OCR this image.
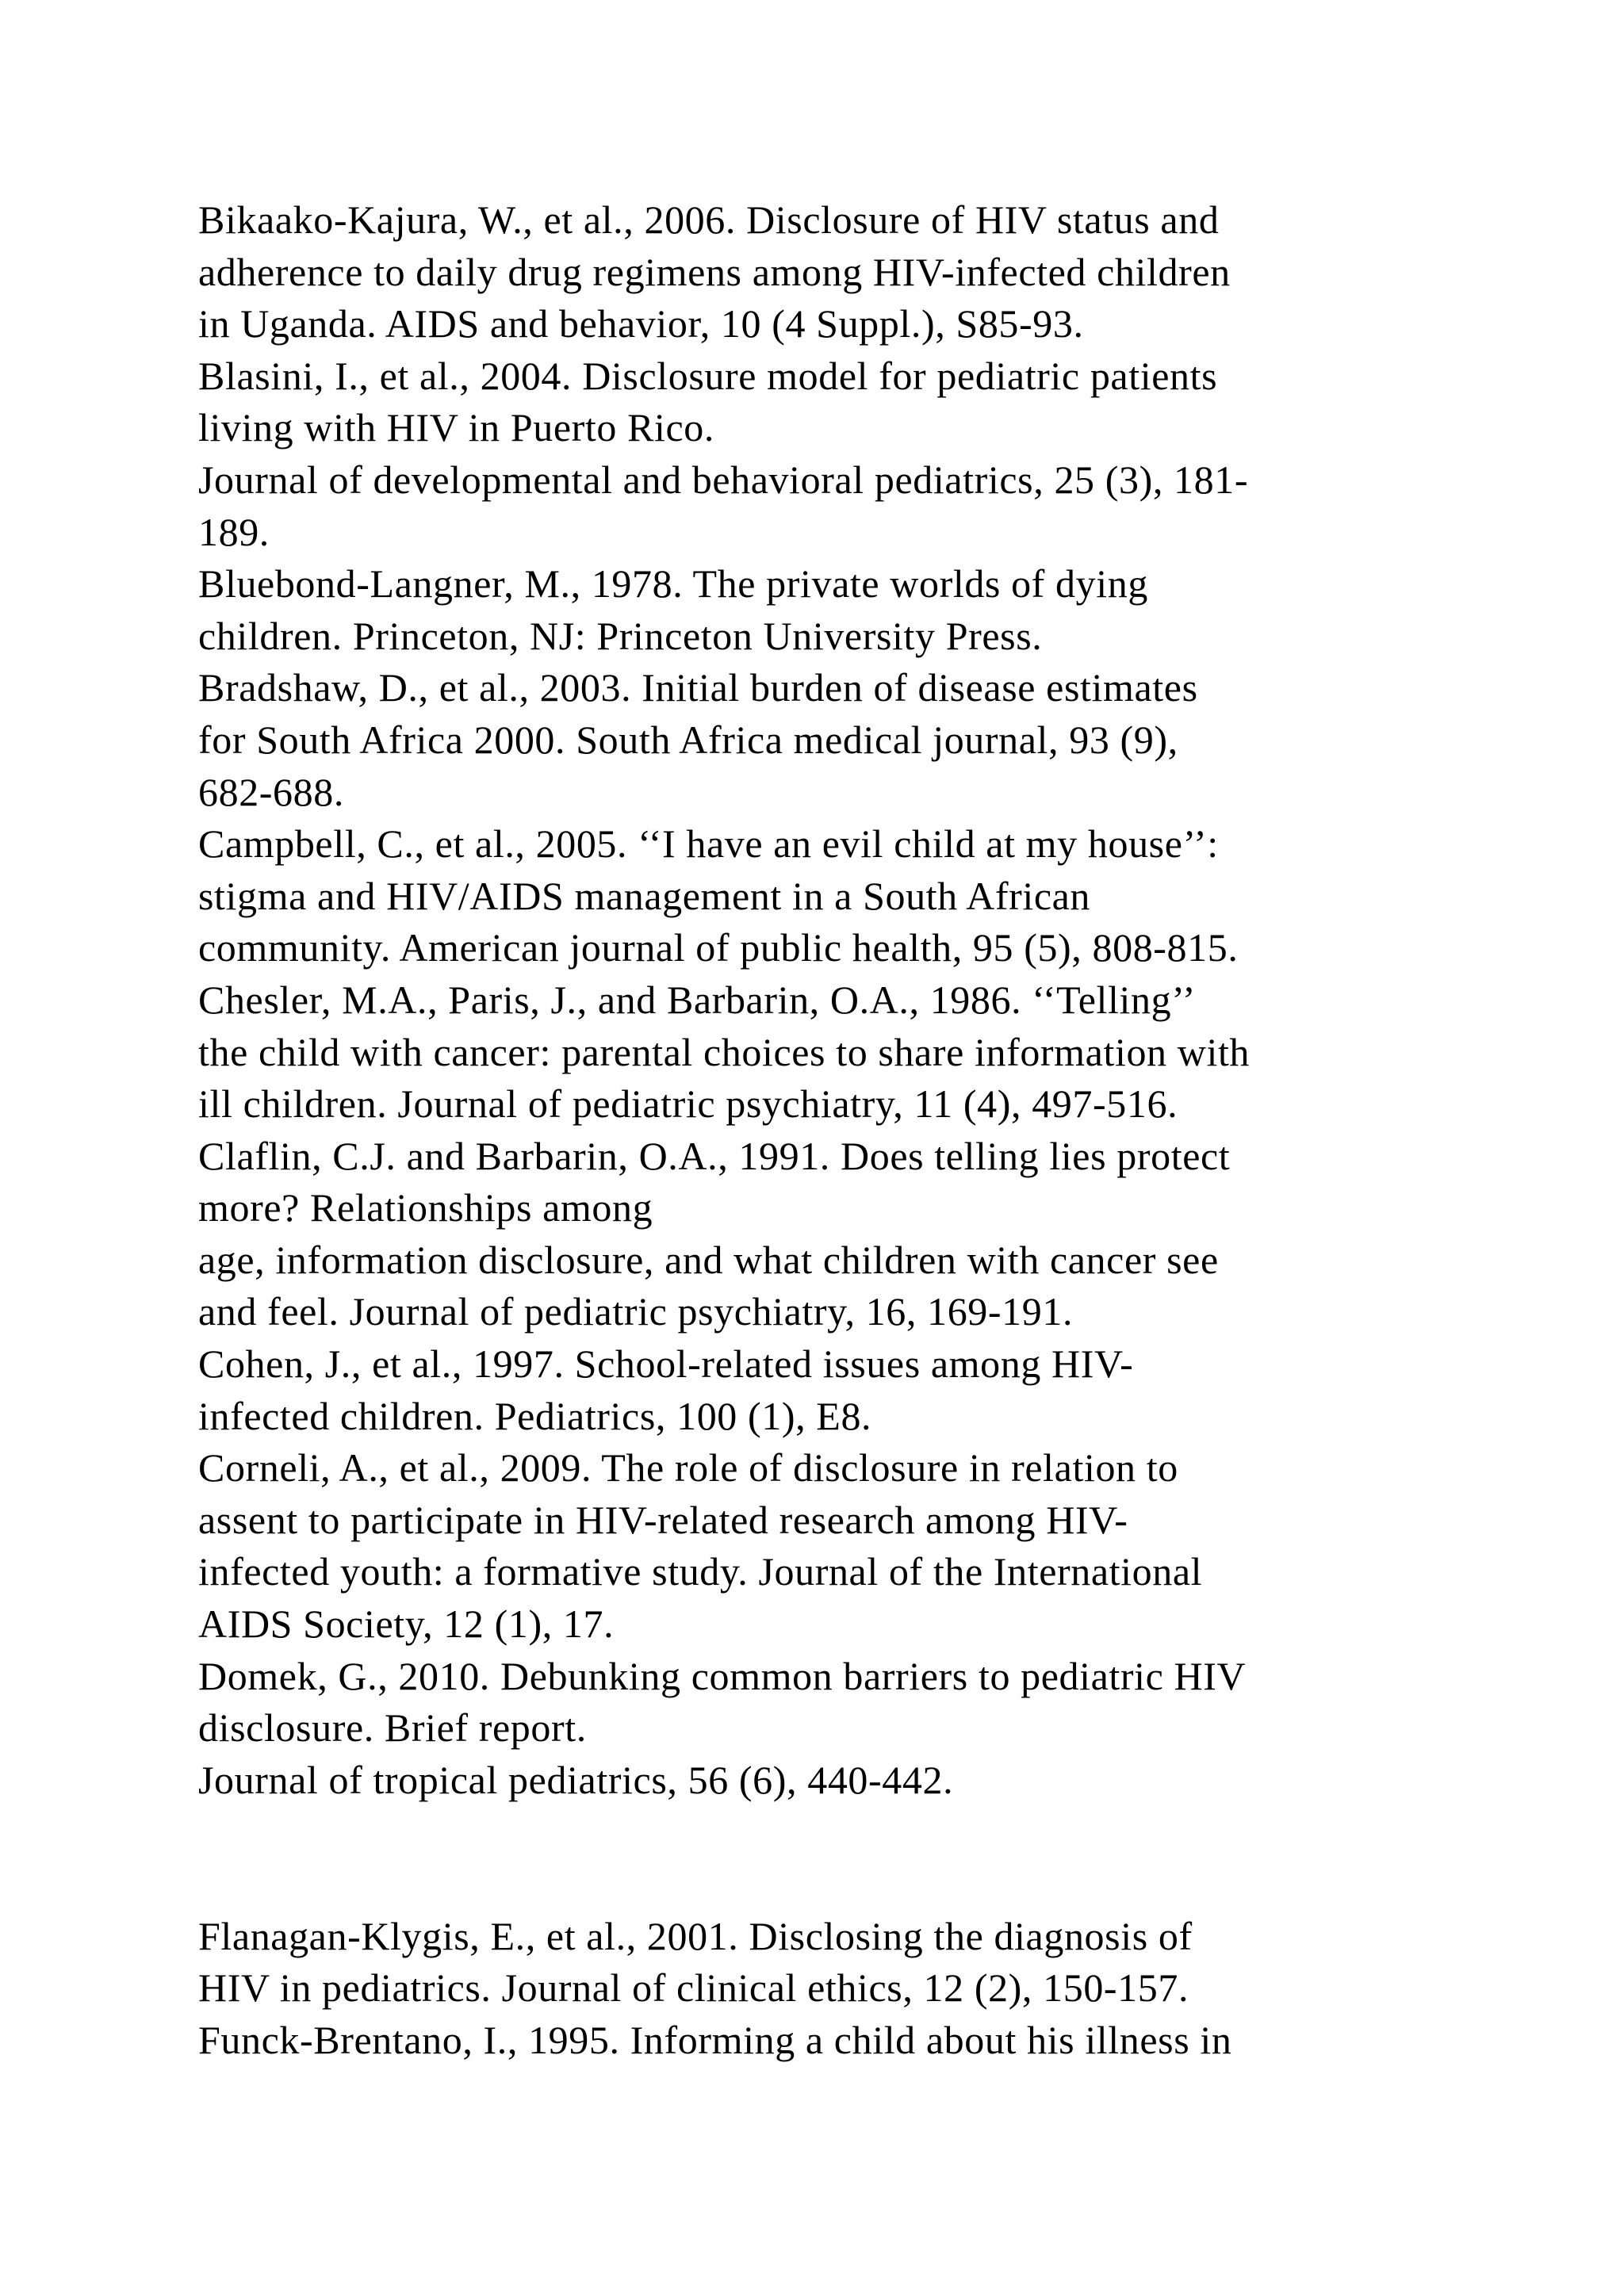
Bikaako-Kajura, W., et al., 2006. Disclosure of HIV status and
adherence to daily drug regimens among HIV-infected children
in Uganda. AIDS and behavior, 10 (4 Suppl.), S85-93.
Blasini, I., et al., 2004. Disclosure model for pediatric patients
living with HIV in Puerto Rico.
Journal of developmental and behavioral pediatrics, 25 (3), 181-
189.
Bluebond-Langner, M., 1978. The private worlds of dying
children. Princeton, NJ: Princeton University Press.
Bradshaw, D., et al., 2003. Initial burden of disease estimates
for South Africa 2000. South Africa medical journal, 93 (9),
682-688.
Campbell, C., et al., 2005. ‘‘I have an evil child at my house’’:
stigma and HIV/AIDS management in a South African
community. American journal of public health, 95 (5), 808-815.
Chesler, M.A., Paris, J., and Barbarin, O.A., 1986. ‘‘Telling’’
the child with cancer: parental choices to share information with
ill children. Journal of pediatric psychiatry, 11 (4), 497-516.
Claflin, C.J. and Barbarin, O.A., 1991. Does telling lies protect
more? Relationships among
age, information disclosure, and what children with cancer see
and feel. Journal of pediatric psychiatry, 16, 169-191.
Cohen, J., et al., 1997. School-related issues among HIV-
infected children. Pediatrics, 100 (1), E8.
Corneli, A., et al., 2009. The role of disclosure in relation to
assent to participate in HIV-related research among HIV-
infected youth: a formative study. Journal of the International
AIDS Society, 12 (1), 17.
Domek, G., 2010. Debunking common barriers to pediatric HIV
disclosure. Brief report.
Journal of tropical pediatrics, 56 (6), 440-442.
Flanagan-Klygis, E., et al., 2001. Disclosing the diagnosis of
HIV in pediatrics. Journal of clinical ethics, 12 (2), 150-157.
Funck-Brentano, I., 1995. Informing a child about his illness in
